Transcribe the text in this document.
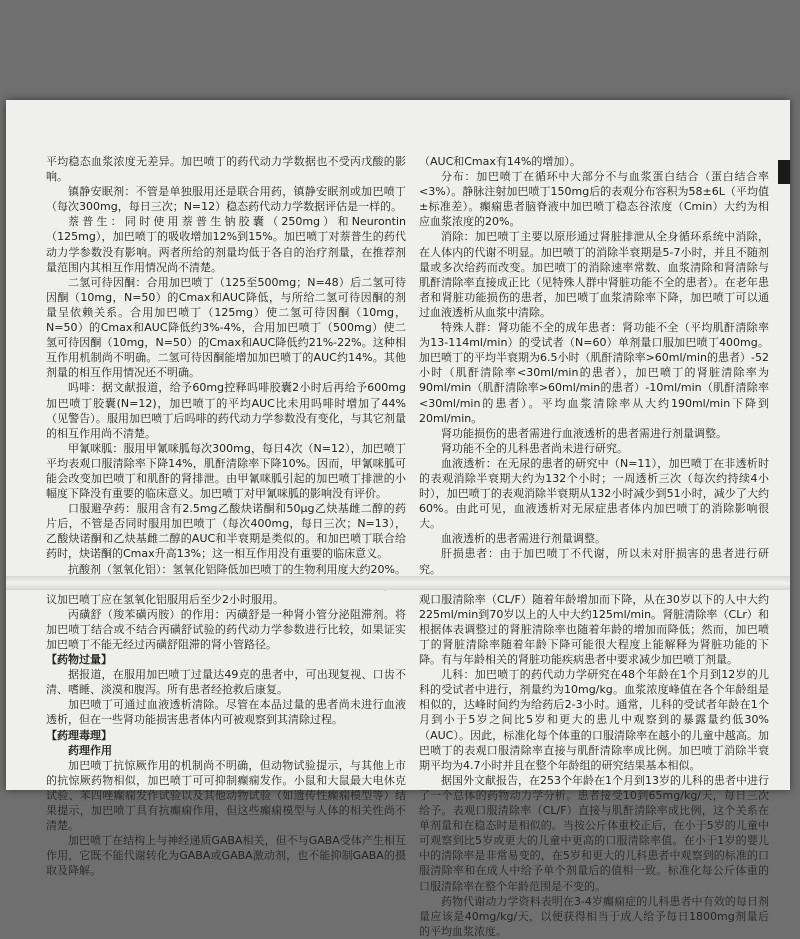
平均稳态血浆浓度无差异。加巴喷丁的药代动力学数据也不受丙戊酸的影响。

镇静安眠剂：不管是单独服用还是联合用药，镇静安眠剂或加巴喷丁（每次300mg，每日三次；N=12）稳态药代动力学数据评估是一样的。

萘普生：同时使用萘普生钠胶囊（250mg）和Neurontin（125mg），加巴喷丁的吸收增加12%到15%。加巴喷丁对萘普生的药代动力学参数没有影响。两者所给的剂量均低于各自的治疗剂量，在推荐剂量范围内其相互作用情况尚不清楚。

二氢可待因酮：合用加巴喷丁（125至500mg；N=48）后二氢可待因酮（10mg，N=50）的Cmax和AUC降低，与所给二氢可待因酮的剂量呈依赖关系。合用加巴喷丁（125mg）使二氢可待因酮（10mg，N=50）的Cmax和AUC降低约3%-4%，合用加巴喷丁（500mg）使二氢可待因酮（10mg，N=50）的Cmax和AUC降低约21%-22%。这种相互作用机制尚不明确。二氢可待因酮能增加加巴喷丁的AUC约14%。其他剂量的相互作用情况还不明确。

吗啡：据文献报道，给予60mg控释吗啡胶囊2小时后再给予600mg加巴喷丁胶囊(N=12)，加巴喷丁的平均AUC比未用吗啡时增加了44%（见警告）。服用加巴喷丁后吗啡的药代动力学参数没有变化，与其它剂量的相互作用尚不清楚。

甲氰咪胍：服用甲氰咪胍每次300mg，每日4次（N=12），加巴喷丁平均表观口服清除率下降14%，肌酐清除率下降10%。因而，甲氰咪胍可能会改变加巴喷丁和肌酐的肾排泄。由甲氰咪胍引起的加巴喷丁排泄的小幅度下降没有重要的临床意义。加巴喷丁对甲氰咪胍的影响没有评价。

口服避孕药：服用含有2.5mg乙酸炔诺酮和50μg乙炔基雌二醇的药片后，不管是否同时服用加巴喷丁（每次400mg，每日三次；N=13），乙酸炔诺酮和乙炔基雌二醇的AUC和半衰期是类似的。和加巴喷丁联合给药时，炔诺酮的Cmax升高13%；这一相互作用没有重要的临床意义。

抗酸剂（氢氧化铝）：氢氧化铝降低加巴喷丁的生物利用度大约20%。 议加巴喷丁应在氢氧化铝服用后至少2小时服用。

丙磺舒（羧苯磺丙胺）的作用：丙磺舒是一种肾小管分泌阻滞剂。将加巴喷丁结合或不结合丙磺舒试验的药代动力学参数进行比较，如果证实加巴喷丁不能无经过丙磺舒阻滞的肾小管路径。

【药物过量】

据报道，在服用加巴喷丁过量达49克的患者中，可出现复视、口齿不清、嗜睡、淡漠和腹泻。所有患者经抢救后康复。

加巴喷丁可通过血液透析清除。尽管在本品过量的患者尚未进行血液透析，但在一些肾功能损害患者体内可被观察到其清除过程。

【药理毒理】

药理作用

加巴喷丁抗惊厥作用的机制尚不明确，但动物试验提示，与其他上市的抗惊厥药物相似，加巴喷丁可可抑制癫痫发作。小鼠和大鼠最大电休克试验、苯四唑癫痫发作试验以及其他动物试验（如遗传性癫痫模型等）结果提示，加巴喷丁具有抗癫痫作用，但这些癫痫模型与人体的相关性尚不清楚。

加巴喷丁在结构上与神经递质GABA相关，但不与GABA受体产生相互作用，它既不能代谢转化为GABA或GABA激动剂，也不能抑制GABA的摄取及降解。

（AUC和Cmax有14%的增加）。

分布：加巴喷丁在循环中大部分不与血浆蛋白结合（蛋白结合率<3%）。静脉注射加巴喷丁150mg后的表观分布容积为58±6L（平均值±标准差）。癫痫患者脑脊液中加巴喷丁稳态谷浓度（Cmin）大约为相应血浆浓度的20%。

消除：加巴喷丁主要以原形通过肾脏排泄从全身循环系统中消除，在人体内的代谢不明显。加巴喷丁的消除半衰期是5-7小时，并且不随剂量或多次给药而改变。加巴喷丁的消除速率常数、血浆清除和肾清除与肌酐清除率直接成正比（见特殊人群中肾脏功能不全的患者）。在老年患者和肾脏功能损伤的患者，加巴喷丁血浆清除率下降，加巴喷丁可以通过血液透析从血浆中清除。

特殊人群：肾功能不全的成年患者：肾功能不全（平均肌酐清除率为13-114ml/min）的受试者（N=60）单剂量口服加巴喷丁400mg。加巴喷丁的平均半衰期为6.5小时（肌酐清除率>60ml/min的患者）-52小时（肌酐清除率<30ml/min的患者），加巴喷丁的肾脏清除率为90ml/min（肌酐清除率>60ml/min的患者）-10ml/min（肌酐清除率<30ml/min的患者）。平均血浆清除率从大约190ml/min下降到20ml/min。

肾功能损伤的患者需进行血液透析的患者需进行剂量调整。

肾功能不全的儿科患者尚未进行研究。

血液透析：在无尿的患者的研究中（N=11），加巴喷丁在非透析时的表观消除半衰期大约为132个小时；一周透析三次（每次约持续4小时），加巴喷丁的表观消除半衰期从132小时减少到51小时，减少了大约60%。由此可见，血液透析对无尿症患者体内加巴喷丁的消除影响很大。

血液透析的患者需进行剂量调整。

肝损患者：由于加巴喷丁不代谢，所以未对肝损害的患者进行研究。

观口服清除率（CL/F）随着年龄增加而下降，从在30岁以下的人中大约225ml/min到70岁以上的人中大约125ml/min。肾脏清除率（CLr）和根据体表调整过的肾脏清除率也随着年龄的增加而降低；然而，加巴喷丁的肾脏清除率随着年龄下降可能很大程度上能解释为肾脏功能的下降。有与年龄相关的肾脏功能疾病患者中要求减少加巴喷丁剂量。

儿科：加巴喷丁的药代动力学研究在48个年龄在1个月到12岁的儿科的受试者中进行，剂量约为10mg/kg。血浆浓度峰值在各个年龄组是相似的，达峰时间约为给药后2-3小时。通常，儿科的受试者年龄在1个月到小于5岁之间比5岁和更大的患儿中观察到的暴露量约低30%（AUC）。因此，标准化每个体重的口服清除率在越小的儿童中越高。加巴喷丁的表观口服清除率直接与肌酐清除率成比例。加巴喷丁消除半衰期平均为4.7小时并且在整个年龄组的研究结果基本相似。

据国外文献报告，在253个年龄在1个月到13岁的儿科的患者中进行了一个总体的药物动力学分析。患者接受10到65mg/kg/天，每日三次给予。表观口服清除率（CL/F）直接与肌酐清除率成比例，这个关系在单剂量和在稳态时是相似的。当按公斤体重校正后，在小于5岁的儿童中可观察到比5岁或更大的儿童中更高的口服清除率值。在小于1岁的婴儿中的清除率是非常易变的，在5岁和更大的儿科患者中观察到的标准的口服清除率和在成人中给予单个剂量后的值相一致。标准化每公斤体重的口服清除率在整个年龄范围是不变的。

药物代谢动力学资料表明在3-4岁癫痫症的儿科患者中有效的每日剂量应该是40mg/kg/天，以便获得相当于成人给予每日1800mg剂量后的平均血浆浓度。
